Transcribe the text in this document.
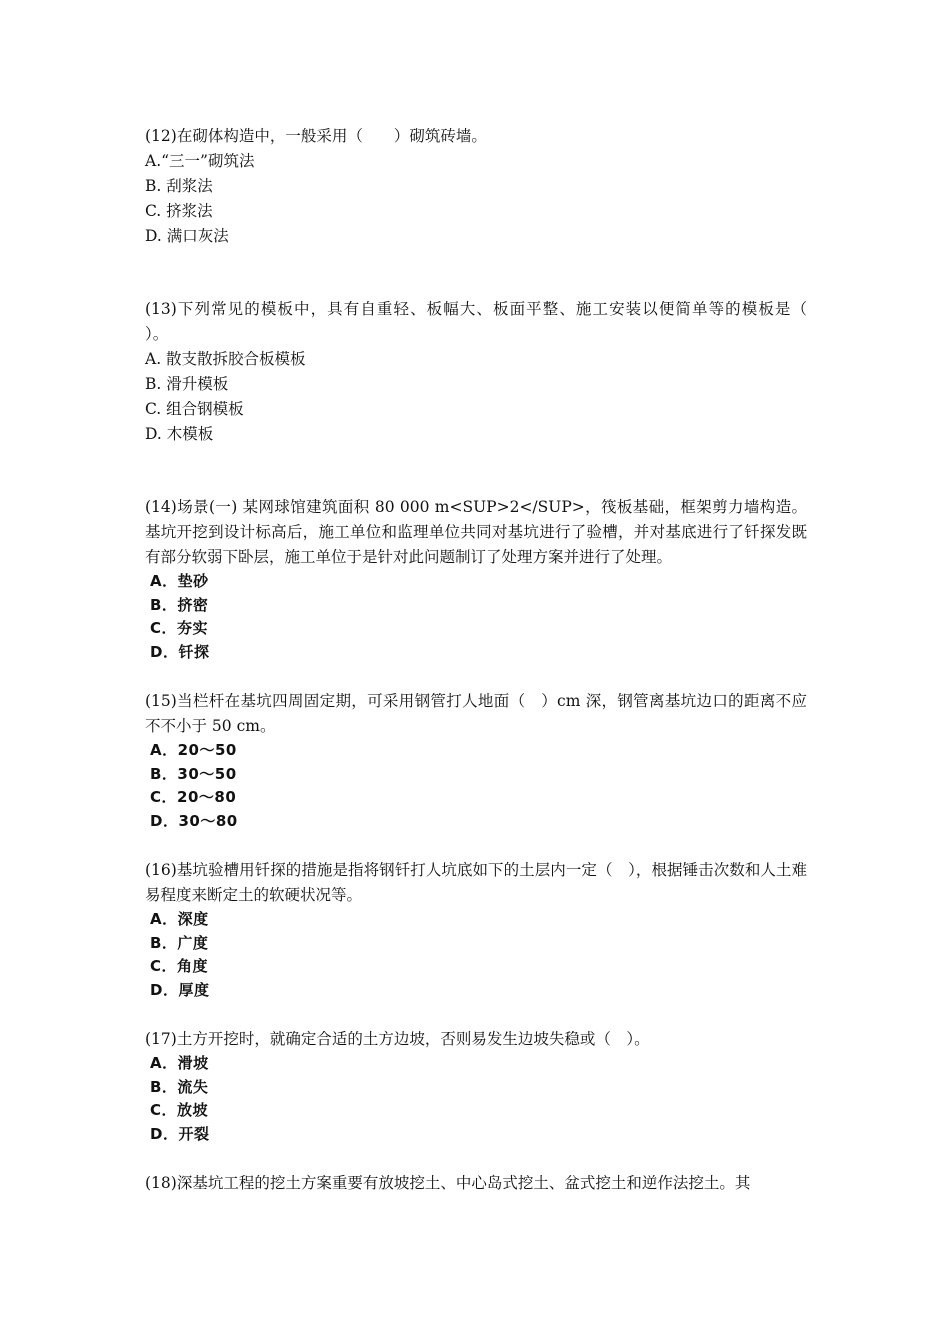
(12)在砌体构造中，一般采用（　　）砌筑砖墙。

A.“三一”砌筑法

B. 刮浆法

C. 挤浆法

D. 满口灰法

(13)下列常见的模板中，具有自重轻、板幅大、板面平整、施工安装以便简单等的模板是（　　）。

A. 散支散拆胶合板模板

B. 滑升模板

C. 组合钢模板

D. 木模板

(14)场景(一) 某网球馆建筑面积 80 000 m<SUP>2</SUP>，筏板基础，框架剪力墙构造。基坑开挖到设计标高后，施工单位和监理单位共同对基坑进行了验槽，并对基底进行了钎探发既有部分软弱下卧层，施工单位于是针对此问题制订了处理方案并进行了处理。

A．垫砂

B．挤密

C．夯实

D．钎探

(15)当栏杆在基坑四周固定期，可采用钢管打人地面（　）cm 深，钢管离基坑边口的距离不应不不小于 50 cm。

A．20～50

B．30～50

C．20～80

D．30～80

(16)基坑验槽用钎探的措施是指将钢钎打人坑底如下的土层内一定（　），根据锤击次数和人土难易程度来断定土的软硬状况等。

A．深度

B．广度

C．角度

D．厚度

(17)土方开挖时，就确定合适的土方边坡，否则易发生边坡失稳或（　）。

A．滑坡

B．流失

C．放坡

D．开裂

(18)深基坑工程的挖土方案重要有放坡挖土、中心岛式挖土、盆式挖土和逆作法挖土。其
